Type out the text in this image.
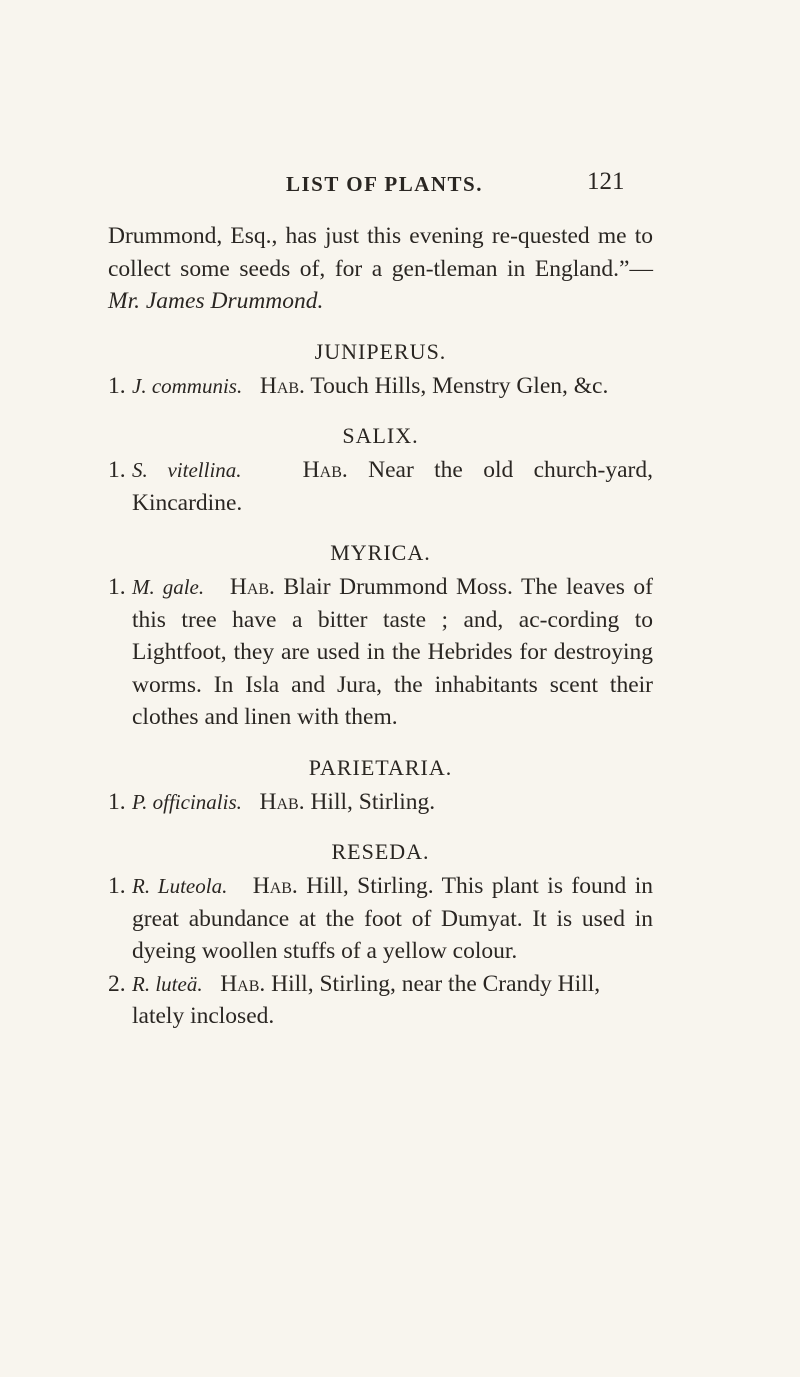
LIST OF PLANTS.	121

Drummond, Esq., has just this evening re-quested me to collect some seeds of, for a gen-tleman in England.”—Mr. James Drummond.

JUNIPERUS.

1. J. communis. Hab. Touch Hills, Menstry Glen, &c.

SALIX.

1. S. vitellina.	Hab. Near the old church-yard, Kincardine.

MYRICA.

1. M. gale. Hab. Blair Drummond Moss. The leaves of this tree have a bitter taste ; and, ac-cording to Lightfoot, they are used in the Hebrides for destroying worms. In Isla and Jura, the inhabitants scent their clothes and linen with them.

PARIETARIA.

1. P. officinalis. Hab. Hill, Stirling.

RESEDA.

1. R. Luteola. Hab. Hill, Stirling. This plant is found in great abundance at the foot of Dumyat. It is used in dyeing woollen stuffs of a yellow colour.

2. R. luteä. Hab. Hill, Stirling, near the Crandy Hill, lately inclosed.
